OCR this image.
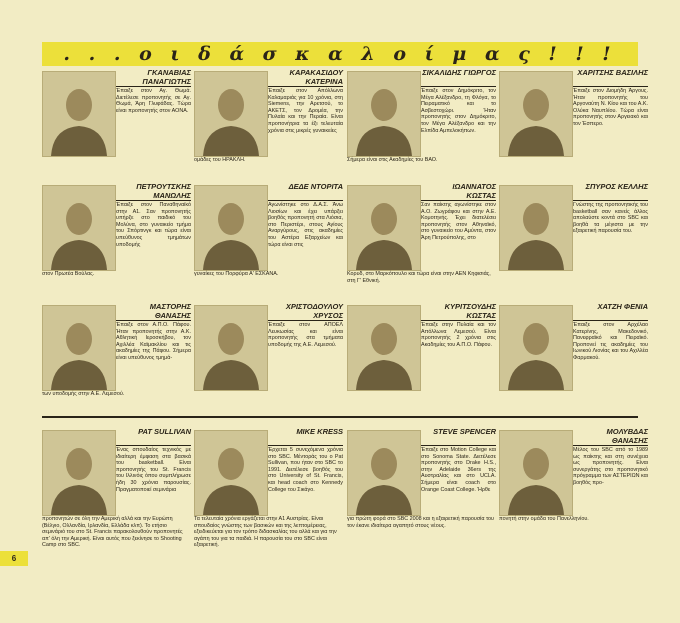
. . . ο ι δ ά σ κ α λ ο ί μ α ς ! ! !
ΓΚΑΝΑΒΙΑΣ ΠΑΝΑΓΙΩΤΗΣ
Έπαιξε στον Αγ. Θωμά. Διετέλεσε προπονητής σε Αγ. Θωμά, Άρη Γλυφάδας. Τώρα είναι προπονητής στον ΑΟΝΑ.
ΚΑΡΑΚΑΣΙΔΟΥ ΚΑΤΕΡΙΝΑ
Έπαιξε στον Απόλλωνα Καλαμαριάς για 10 χρόνια, στη Siemens, την Αρετσού, το ΑΚΕΤΣ, τον Δρομέα, την Πυλαία και την Περαία. Είναι προπονήτρια τα έξι τελευταία χρόνια στις μικρές γυναικείες
ομάδες του ΗΡΑΚΛΗ.
ΣΙΚΑΛΙΔΗΣ ΓΙΩΡΓΟΣ
Έπαιξε στον Δημόκριτο, τον Μέγα Αλέξανδρο, τη Φλόγα, το Πειραματικό και το Ασβεστοχώρι. Ήταν προπονητής στον Δημόκριτο, τον Μέγα Αλέξανδρο και την Ελπίδα Αμπελοκήπων.
Σήμερα είναι στις Ακαδημίες του ΒΑΟ.
ΧΑΡΙΤΣΗΣ ΒΑΣΙΛΗΣ
Έπαιξε στον Διομήδη Άργους. Ήταν προπονητής του Αργοναύτη Ν. Κίου και του Α.Κ. Ολύκα Ναυπλίου. Τώρα είναι προπονητής στον Αργειακό και τον Έσπερο.
ΠΕΤΡΟΥΤΣΚΗΣ ΜΑΝΩΛΗΣ
Έπαιξε στον Παναθηναϊκό στην Α1. Σαν προπονητής υπήρξε στο παιδικό του Μολύνα, στο γυναικείο τμήμα του Σπόρτινγκ και τώρα είναι υπεύθυνος τμημάτων υποδομής
στον Πρωτέα Βούλας.
ΔΕΔΕ ΝΤΟΡΙΤΑ
Αγωνίστηκε στο Δ.Α.Σ. Άνω Λιοσίων και έχει υπάρξει βοηθός προπονητή στα Λιόσια, στο Περιστέρι, στους Αγίους Αναργύρους, στις ακαδημίες του Αστέρα Εξαρχείων και τώρα είναι στις
γυναίκες του Πορφύρα Α' ΕΣΚΑΝΑ.
ΙΩΑΝΝΑΤΟΣ ΚΩΣΤΑΣ
Σαν παίκτης αγωνίστηκε στον Α.Ο. Ζωγράφου και στην Α.Ε. Κομοτηνής. Έχει διατελέσει προπονητής στον Αθηναϊκό, στο γυναικείο του Αμύντα, στον Άρη Πετρούπολης, στο
Κορυδ, στο Μαρκόπουλο και τώρα είναι στην ΑΕΝ Κηφισιάς, στη Γ' Εθνική.
ΣΠΥΡΟΣ ΚΕΛΛΗΣ
Γνώστης της προπονητικής του basketball σαν κανείς άλλος απολαύστε κοντά στο SBC και βοηθά τα μέγιστα με την εξαιρετική παρουσία του.
ΜΑΣΤΟΡΗΣ ΘΑΝΑΣΗΣ
Έπαιξε στον Α.Π.Ο. Πάφου. Ήταν προπονητής στην Α.Κ. Αθλητική Ιεροσκήβου, τον Αχιλλέα Καϊμακλίου και τις ακαδημίες της Πάφου. Σήμερα είναι υπεύθυνος τμημά-
των υποδομής στην Α.Ε. Λεμεσού.
ΧΡΙΣΤΟΔΟΥΛΟΥ ΧΡΥΣΟΣ
Έπαιξε στον ΑΠΟΕΛ Λευκωσίας και είναι προπονητής στα τμήματα υποδομής της Α.Ε. Λεμεσού.
ΚΥΡΙΤΣΟΥΔΗΣ ΚΩΣΤΑΣ
Έπαιξε στην Πυλαία και τον Απόλλωνα Λεμεσού. Είναι προπονητής 2 χρόνια στις Ακαδημίες του Α.Π.Ο. Πάφου.
ΧΑΤΖΗ ΦΕΝΙΑ
Έπαιξε στον Αρχέλαο Κατερίνης, Μακεδονικό, Πανεφραϊκό και Πειραϊκό. Προπονεί τις ακαδημίες του Ιωνικού Λιονίας και του Αχιλλέα Φαρμακού.
PAT SULLIVAN
Ένας σπουδαίος τεχνικός με ιδιαίτερη έμφαση στα βασικά του basketball. Είναι προπονητής του St. Francis του Ιλλινόις όπου συμπλήρωσε ήδη 30 χρόνια παρουσίας. Πραγματοποιεί σεμινάρια
προπονητών σε όλη την Αμερική αλλά και την Ευρώπη (Βέλγιο, Ολλανδία, Ιρλανδία, Ελλάδα κλπ). Το ετήσιο σεμινάριό του στο St. Francis παρακολουθούν προπονητές απ' όλη την Αμερική. Είναι αυτός που ξεκίνησε το Shooting Camp στο SBC.
MIKE KRESS
Έρχεται 5 συνεχόμενα χρόνια στο SBC. Μέντοράς του ο Pat Sullivan, που ήταν στο SBC το 1991. Διετέλεσε βοηθός του στο University of St. Francis, και head coach στο Kennedy College του Σικάγο.
Τα τελευταία χρόνια εργάζεται στην Α1 Αυστρίας. Είναι σπουδαίος γνώστης των βασικών και της λεπτομέρειας, εξειδικεύεται για τον τρόπο διδασκαλίας του αλλά και για την αγάπη του για τα παιδιά. Η παρουσία του στο SBC είναι εξαιρετική.
STEVE SPENCER
Έπαιξε στο Motion College και στο Sonoma State. Διετέλεσε προπονητής στο Drake H.S., στην Adelaide 36ers της Αυστραλίας και στο UCLA. Σήμερα είναι coach στο Orange Coast College. Ήρθε
για πρώτη φορά στο SBC 2008 και η εξαιρετική παρουσία του τον έκανε ιδιαίτερα αγαπητό στους νέους.
ΜΟΛΥΒΔΑΣ ΘΑΝΑΣΗΣ
Μέλος του SBC από το 1989 ως παίκτης και στη συνέχεια ως προπονητής. Είναι συνεργάτης στο προπονητικό πρόγραμμα των ΑΣΤΕΡΙΩΝ και βοηθός προ-
πονητή στην ομάδα του Πανελληνίου.
6
